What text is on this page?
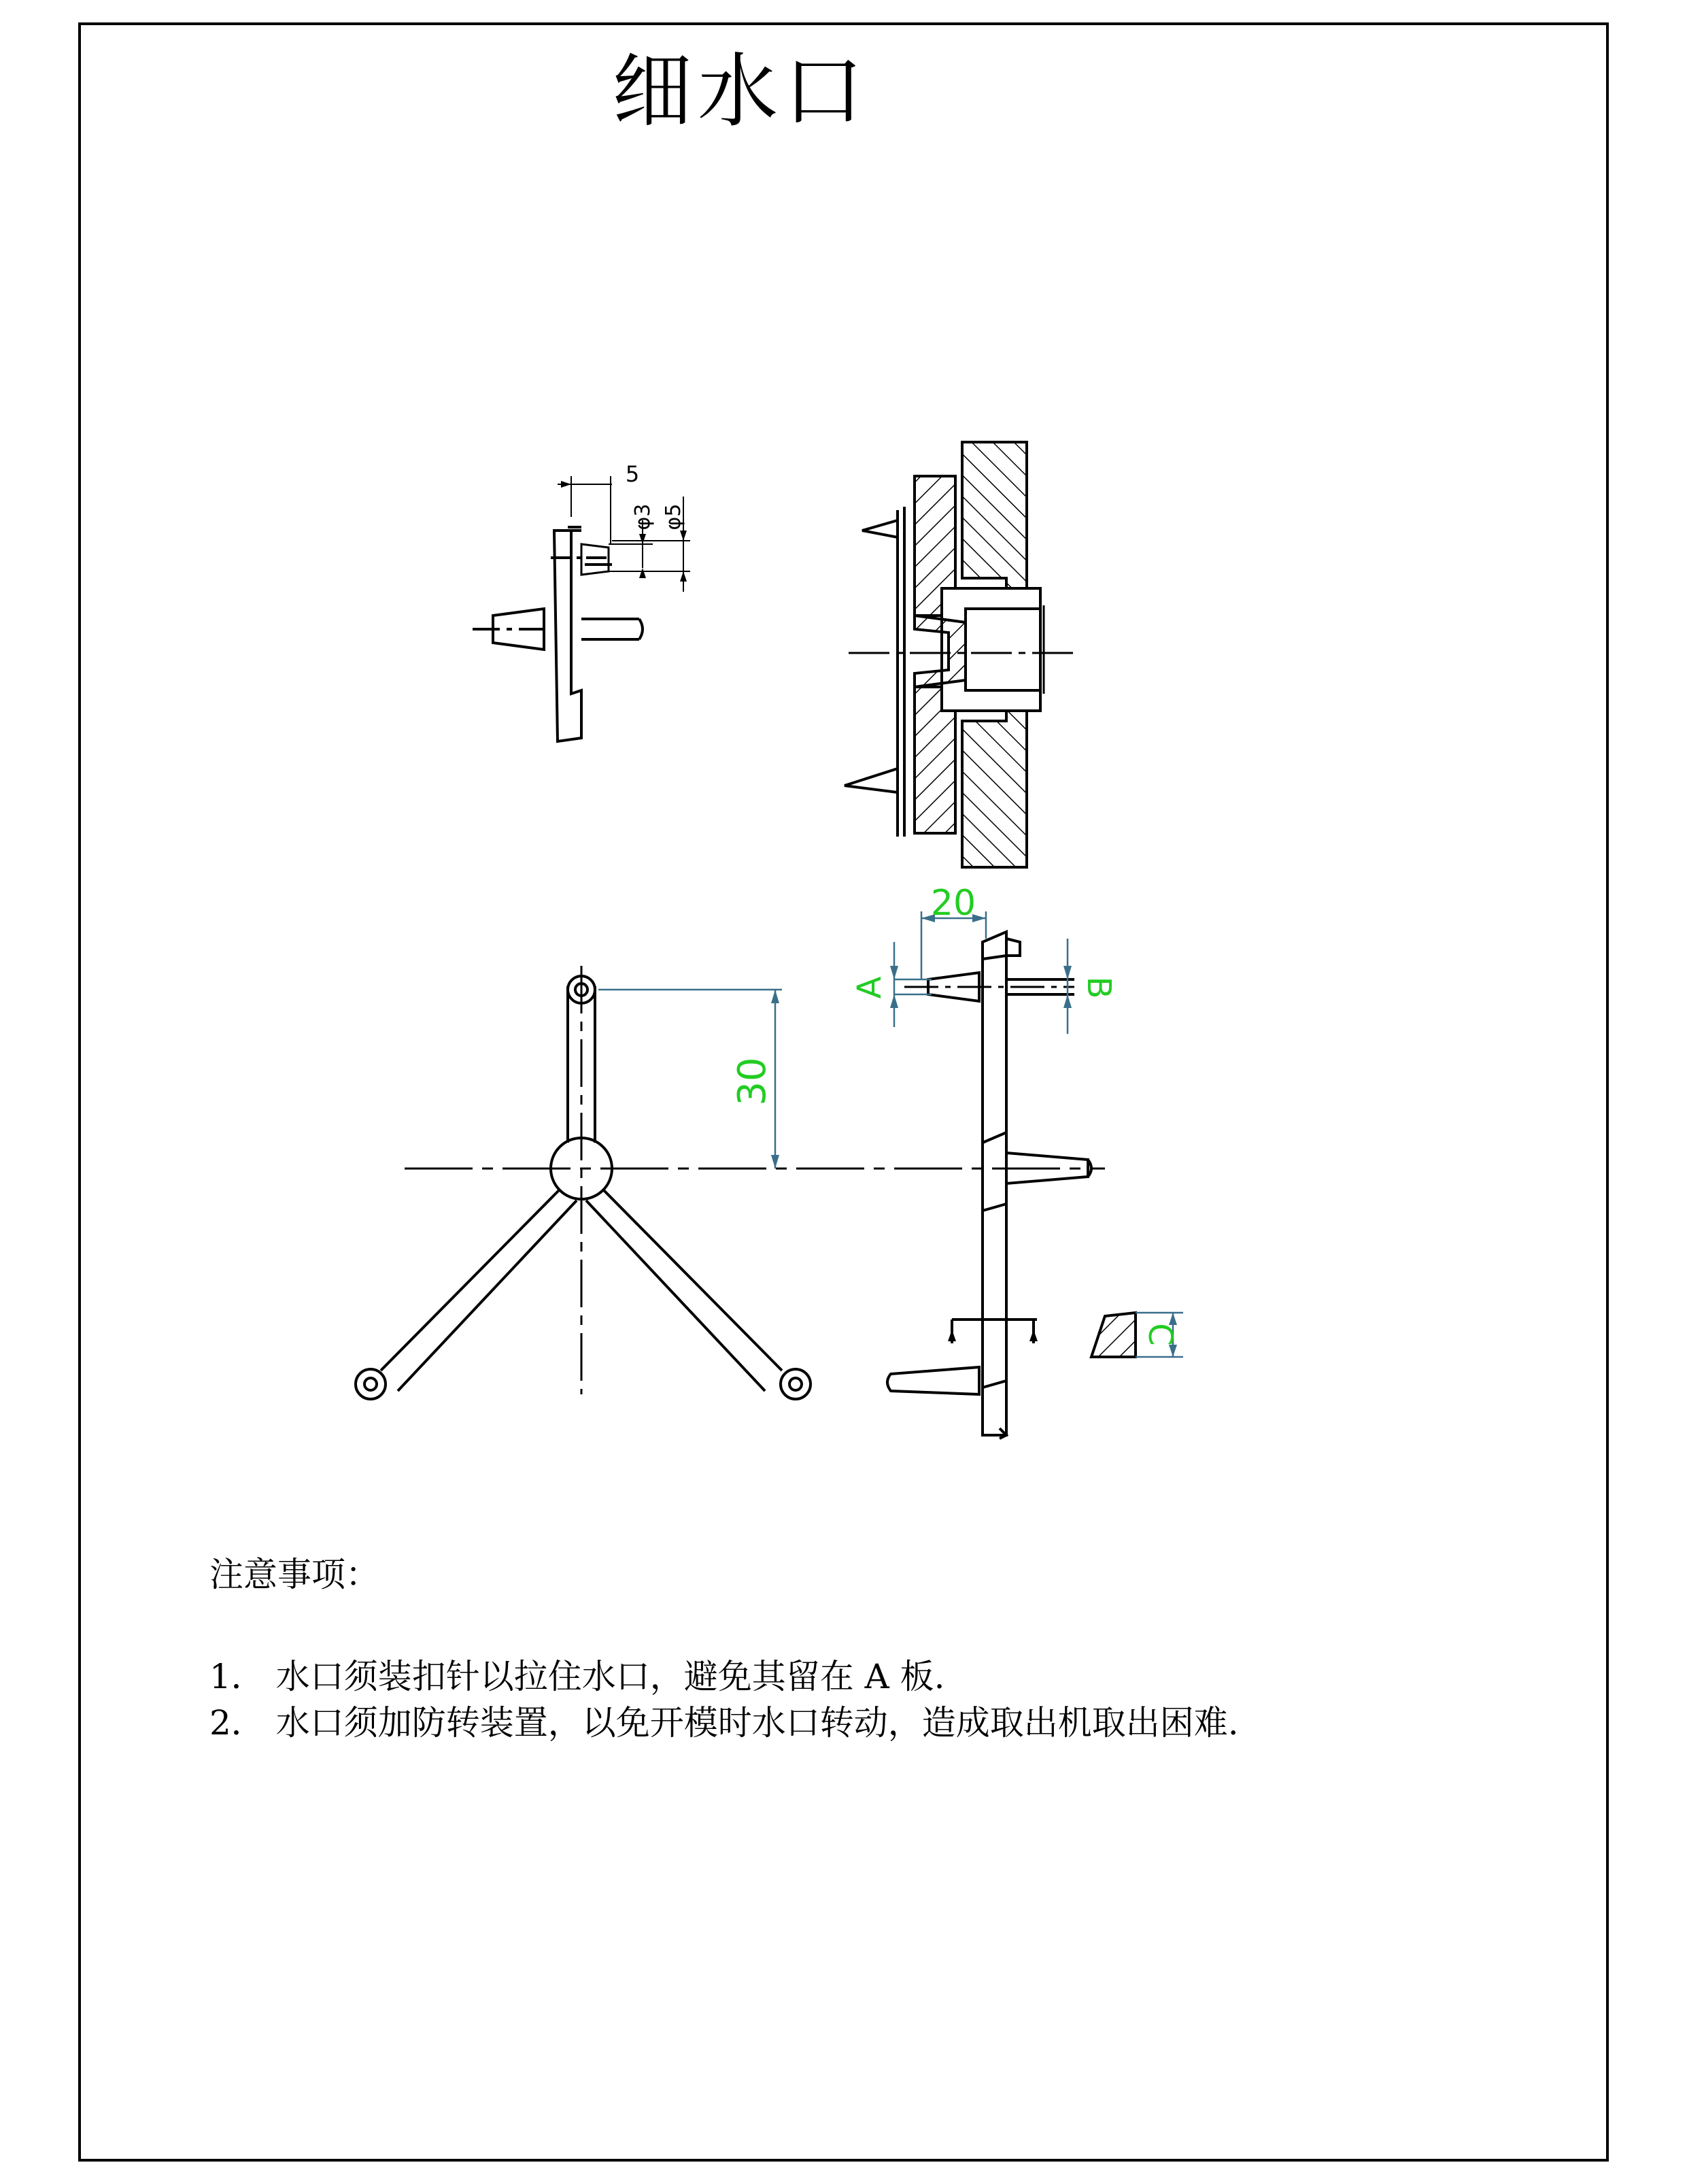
5
φ3 φ5
30
20
A	B
C
细水口
注意事项：
1． 水口须装扣针以拉住水口，避免其留在 A 板.
2． 水口须加防转装置，以免开模时水口转动，造成取出机取出困难.
